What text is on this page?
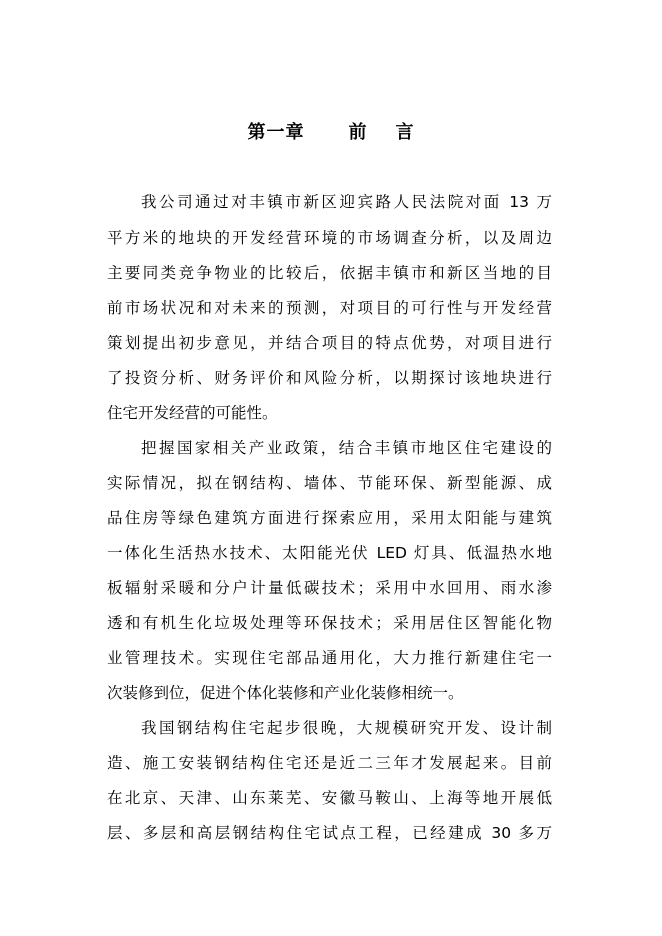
第一章 前 言
我公司通过对丰镇市新区迎宾路人民法院对面 13 万
平方米的地块的开发经营环境的市场调查分析，以及周边
主要同类竞争物业的比较后，依据丰镇市和新区当地的目
前市场状况和对未来的预测，对项目的可行性与开发经营
策划提出初步意见，并结合项目的特点优势，对项目进行
了投资分析、财务评价和风险分析，以期探讨该地块进行
住宅开发经营的可能性。
把握国家相关产业政策，结合丰镇市地区住宅建设的
实际情况，拟在钢结构、墙体、节能环保、新型能源、成
品住房等绿色建筑方面进行探索应用，采用太阳能与建筑
一体化生活热水技术、太阳能光伏 LED 灯具、低温热水地
板辐射采暖和分户计量低碳技术；采用中水回用、雨水渗
透和有机生化垃圾处理等环保技术；采用居住区智能化物
业管理技术。实现住宅部品通用化，大力推行新建住宅一
次装修到位，促进个体化装修和产业化装修相统一。
我国钢结构住宅起步很晚，大规模研究开发、设计制
造、施工安装钢结构住宅还是近二三年才发展起来。目前
在北京、天津、山东莱芜、安徽马鞍山、上海等地开展低
层、多层和高层钢结构住宅试点工程，已经建成 30 多万
